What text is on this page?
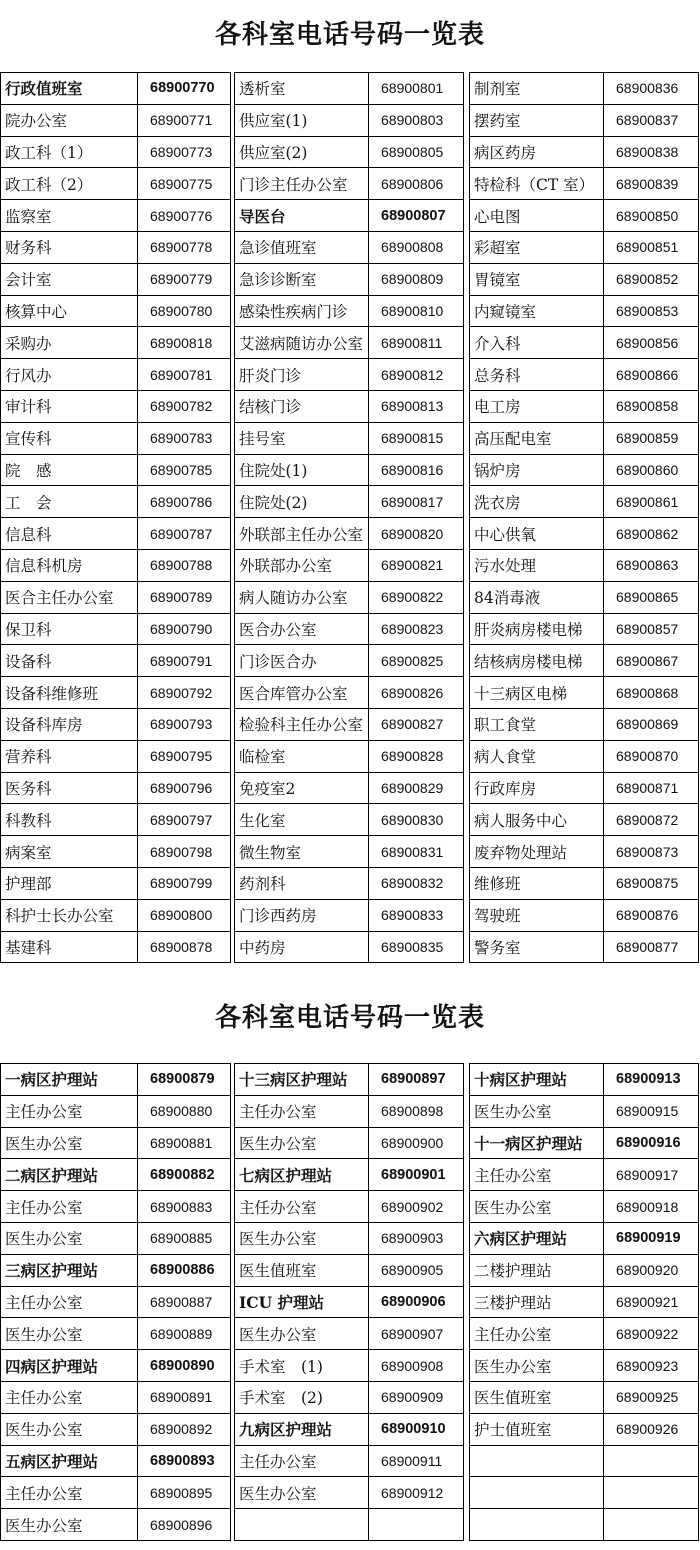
各科室电话号码一览表
行政值班室	68900770
院办公室	68900771
政工科（1）	68900773
政工科（2）	68900775
监察室	68900776
财务科	68900778
会计室	68900779
核算中心	68900780
采购办	68900818
行风办	68900781
审计科	68900782
宣传科	68900783
院　感	68900785
工　会	68900786
信息科	68900787
信息科机房	68900788
医合主任办公室	68900789
保卫科	68900790
设备科	68900791
设备科维修班	68900792
设备科库房	68900793
营养科	68900795
医务科	68900796
科教科	68900797
病案室	68900798
护理部	68900799
科护士长办公室	68900800
基建科	68900878
透析室	68900801
供应室(1)	68900803
供应室(2)	68900805
门诊主任办公室	68900806
导医台	68900807
急诊值班室	68900808
急诊诊断室	68900809
感染性疾病门诊	68900810
艾滋病随访办公室	68900811
肝炎门诊	68900812
结核门诊	68900813
挂号室	68900815
住院处(1)	68900816
住院处(2)	68900817
外联部主任办公室	68900820
外联部办公室	68900821
病人随访办公室	68900822
医合办公室	68900823
门诊医合办	68900825
医合库管办公室	68900826
检验科主任办公室	68900827
临检室	68900828
免疫室2	68900829
生化室	68900830
微生物室	68900831
药剂科	68900832
门诊西药房	68900833
中药房	68900835
制剂室	68900836
摆药室	68900837
病区药房	68900838
特检科（CT 室）	68900839
心电图	68900850
彩超室	68900851
胃镜室	68900852
内窥镜室	68900853
介入科	68900856
总务科	68900866
电工房	68900858
高压配电室	68900859
锅炉房	68900860
洗衣房	68900861
中心供氧	68900862
污水处理	68900863
84消毒液	68900865
肝炎病房楼电梯	68900857
结核病房楼电梯	68900867
十三病区电梯	68900868
职工食堂	68900869
病人食堂	68900870
行政库房	68900871
病人服务中心	68900872
废弃物处理站	68900873
维修班	68900875
驾驶班	68900876
警务室	68900877
各科室电话号码一览表
一病区护理站	68900879
主任办公室	68900880
医生办公室	68900881
二病区护理站	68900882
主任办公室	68900883
医生办公室	68900885
三病区护理站	68900886
主任办公室	68900887
医生办公室	68900889
四病区护理站	68900890
主任办公室	68900891
医生办公室	68900892
五病区护理站	68900893
主任办公室	68900895
医生办公室	68900896
十三病区护理站	68900897
主任办公室	68900898
医生办公室	68900900
七病区护理站	68900901
主任办公室	68900902
医生办公室	68900903
医生值班室	68900905
ICU 护理站	68900906
医生办公室	68900907
手术室　(1)	68900908
手术室　(2)	68900909
九病区护理站	68900910
主任办公室	68900911
医生办公室	68900912

十病区护理站	68900913
医生办公室	68900915
十一病区护理站	68900916
主任办公室	68900917
医生办公室	68900918
六病区护理站	68900919
二楼护理站	68900920
三楼护理站	68900921
主任办公室	68900922
医生办公室	68900923
医生值班室	68900925
护士值班室	68900926
